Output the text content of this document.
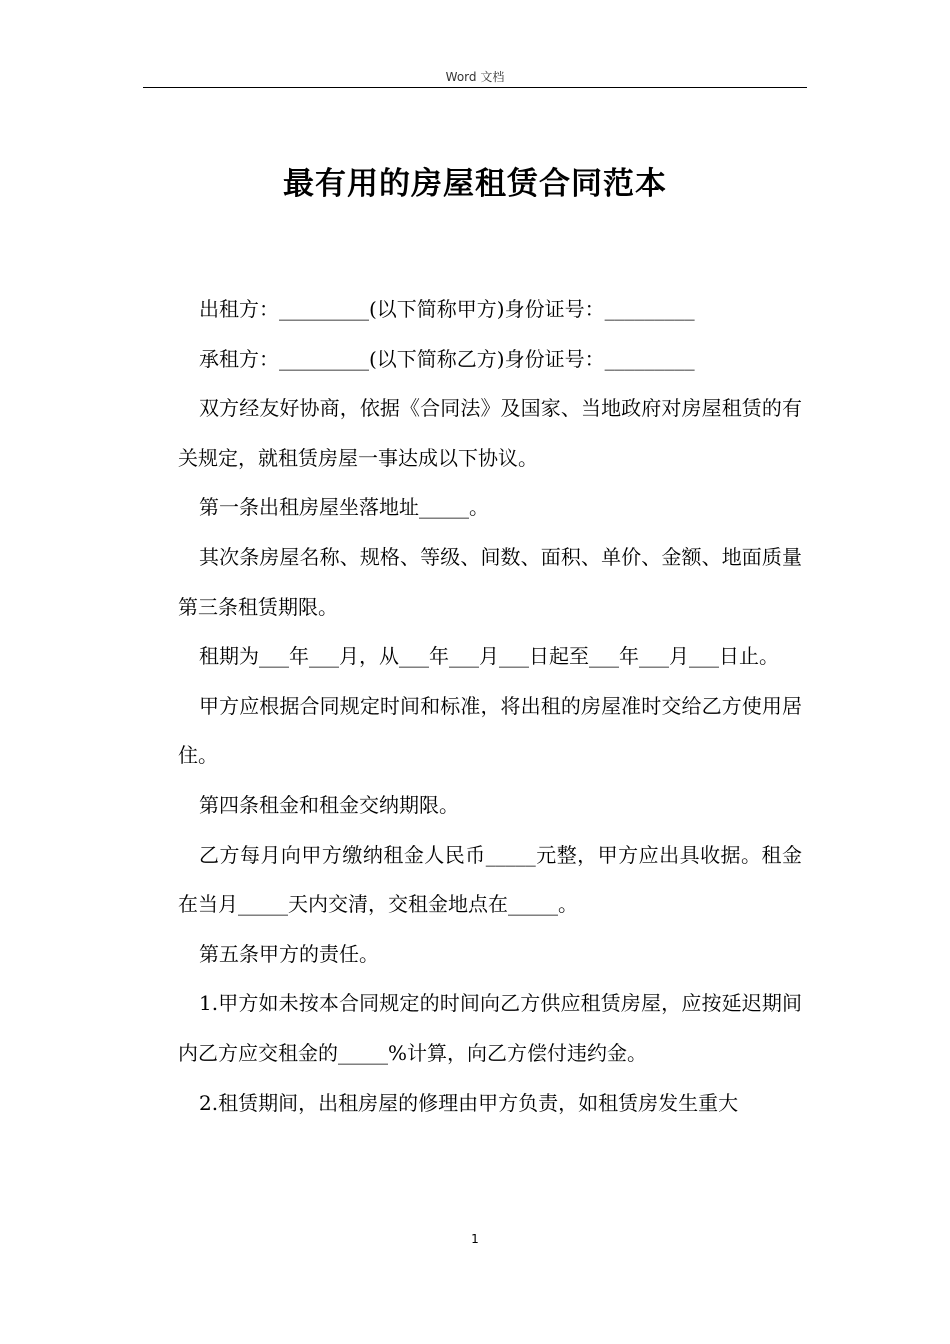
Word 文档
最有用的房屋租赁合同范本

出租方：_________(以下简称甲方)身份证号：_________

承租方：_________(以下简称乙方)身份证号：_________

双方经友好协商，依据《合同法》及国家、当地政府对房屋租赁的有关规定，就租赁房屋一事达成以下协议。

第一条出租房屋坐落地址_____。

其次条房屋名称、规格、等级、间数、面积、单价、金额、地面质量第三条租赁期限。

租期为___年___月，从___年___月___日起至___年___月___日止。

甲方应根据合同规定时间和标准，将出租的房屋准时交给乙方使用居住。

第四条租金和租金交纳期限。

乙方每月向甲方缴纳租金人民币_____元整，甲方应出具收据。租金在当月_____天内交清，交租金地点在_____。

第五条甲方的责任。

1.甲方如未按本合同规定的时间向乙方供应租赁房屋，应按延迟期间内乙方应交租金的_____%计算，向乙方偿付违约金。

2.租赁期间，出租房屋的修理由甲方负责，如租赁房发生重大

1
